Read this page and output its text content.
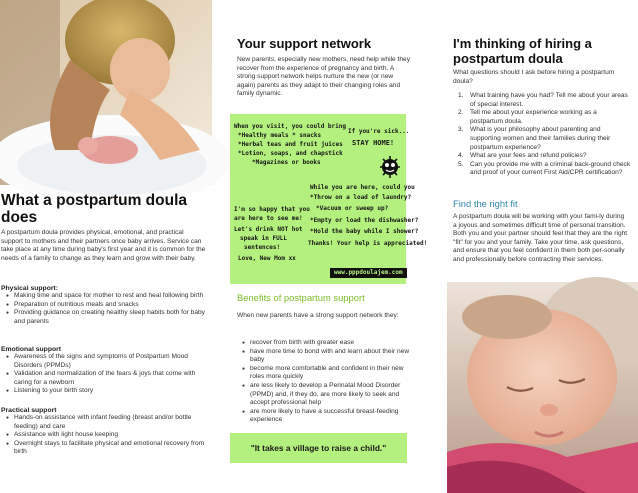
What a postpartum doula does
A postpartum doula provides physical, emotional, and practical support to mothers and their partners once baby arrives. Service can take place at any time during baby's first year and it is common for the needs of a family to change as they learn and grow with their baby.
Physical support:
● Making time and space for mother to rest and heal following birth
● Preparation of nutritious meals and snacks
● Providing guidance on creating healthy sleep habits both for baby and parents
Emotional support
● Awareness of the signs and symptoms of Postpartum Mood Disorders (PPMDs)
● Validation and normalization of the fears & joys that come with caring for a newborn
● Listening to your birth story
Practical support
● Hands-on assistance with infant feeding (breast and/or bottle feeding) and care
● Assistance with light house keeping
● Overnight stays to facilitate physical and emotional recovery from birth
Your support network
New parents, especially new mothers, need help while they recover from the experience of pregnancy and birth. A strong support network helps nurture the new (or new again) parents as they adapt to their changing roles and family dynamic.
When you visit, you could bring
*Healthy meals * snacks
*Herbal teas and fruit juices
*Lotion, soaps, and chapstick
*Magazines or books
If you're sick...
STAY HOME!
While you are here, could you
*Throw on a load of laundry?
*Vacuum or sweep up?
*Empty or load the dishwasher?
*Hold the baby while I shower?
Thanks! Your help is appreciated!
I'm so happy that you
are here to see me!
Let's drink NOT hot
speak in FULL
sentences!
Love, New Mom xx
www.pppdoulajem.com
Benefits of postpartum support
When new parents have a strong support network they:
● recover from birth with greater ease
● have more time to bond with and learn about their new baby
● become more comfortable and confident in their new roles more quickly
● are less likely to develop a Perinatal Mood Disorder (PPMD) and, if they do, are more likely to seek and accept professional help
● are more likely to have a successful breast-feeding experience
"It takes a village to raise a child."
I'm thinking of hiring a postpartum doula
What questions should I ask before hiring a postpartum doula?
1. What training have you had? Tell me about your areas of special interest.
2. Tell me about your experience working as a postpartum doula.
3. What is your philosophy about parenting and supporting women and their families during their postpartum experience?
4. What are your fees and refund policies?
5. Can you provide me with a criminal back-ground check and proof of your current First Aid/CPR certification?
Find the right fit
A postpartum doula will be working with your fami-ly during a joyous and sometimes difficult time of personal transition. Both you and your partner should feel that they are the right "fit" for you and your family. Take your time, ask questions, and ensure that you feel confident in them both per-sonally and professionally before contracting their services.
